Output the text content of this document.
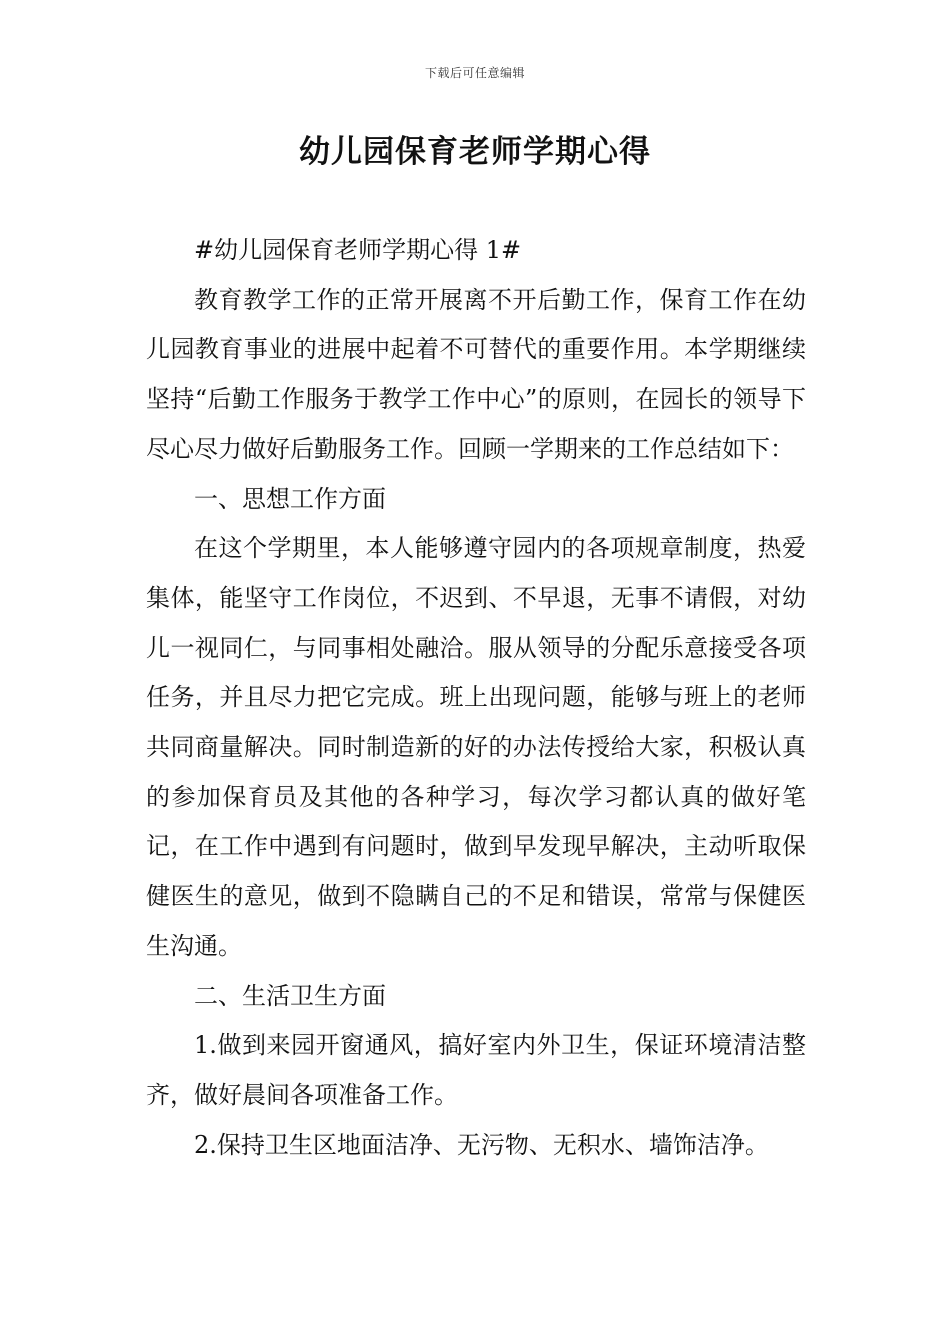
下载后可任意编辑
幼儿园保育老师学期心得

#幼儿园保育老师学期心得 1#

教育教学工作的正常开展离不开后勤工作，保育工作在幼儿园教育事业的进展中起着不可替代的重要作用。本学期继续坚持“后勤工作服务于教学工作中心”的原则，在园长的领导下尽心尽力做好后勤服务工作。回顾一学期来的工作总结如下：

一、思想工作方面

在这个学期里，本人能够遵守园内的各项规章制度，热爱集体，能坚守工作岗位，不迟到、不早退，无事不请假，对幼儿一视同仁，与同事相处融洽。服从领导的分配乐意接受各项任务，并且尽力把它完成。班上出现问题，能够与班上的老师共同商量解决。同时制造新的好的办法传授给大家，积极认真的参加保育员及其他的各种学习，每次学习都认真的做好笔记，在工作中遇到有问题时，做到早发现早解决，主动听取保健医生的意见，做到不隐瞒自己的不足和错误，常常与保健医生沟通。

二、生活卫生方面

1.做到来园开窗通风，搞好室内外卫生，保证环境清洁整齐，做好晨间各项准备工作。

2.保持卫生区地面洁净、无污物、无积水、墙饰洁净。
